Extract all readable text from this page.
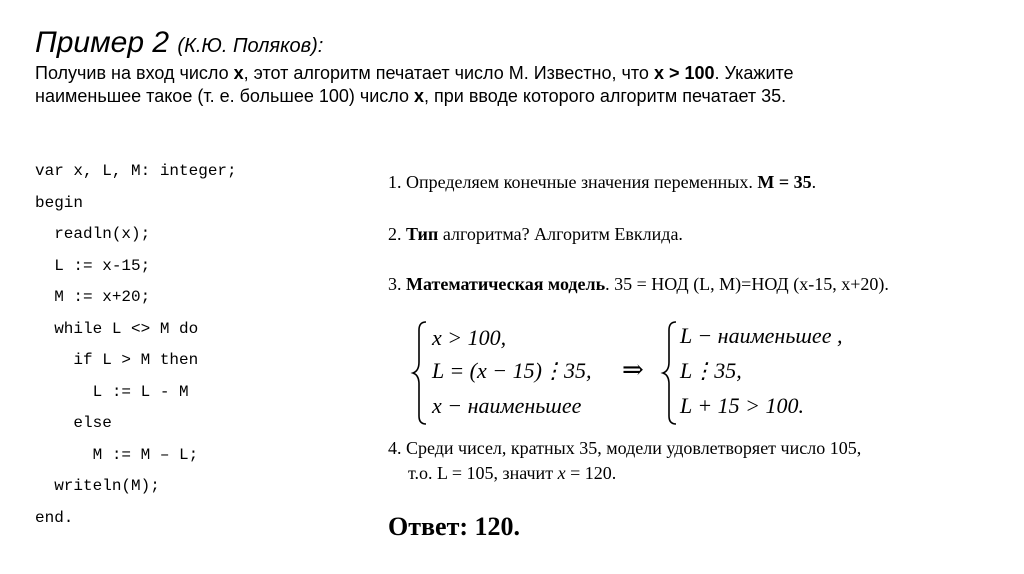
Пример 2 (К.Ю. Поляков):
Получив на вход число x, этот алгоритм печатает число M. Известно, что x > 100. Укажите
наименьшее такое (т. е. большее 100) число x, при вводе которого алгоритм печатает 35.
var x, L, M: integer;
begin
readln(x);
L := x-15;
M := x+20;
while L <> M do
if L > M then
L := L - M
else
M := M – L;
writeln(M);
end.
1. Определяем конечные значения переменных. M = 35.
2. Тип алгоритма? Алгоритм Евклида.
3. Математическая модель. 35 = НОД (L, M)=НОД (x-15, x+20).
x > 100,
L = (x − 15)⋮35,
x − наименьшее
⇒
L − наименьшее ,
L⋮35,
L + 15 > 100.
4. Среди чисел, кратных 35, модели удовлетворяет число 105,
т.о. L = 105, значит x = 120.
Ответ: 120.
